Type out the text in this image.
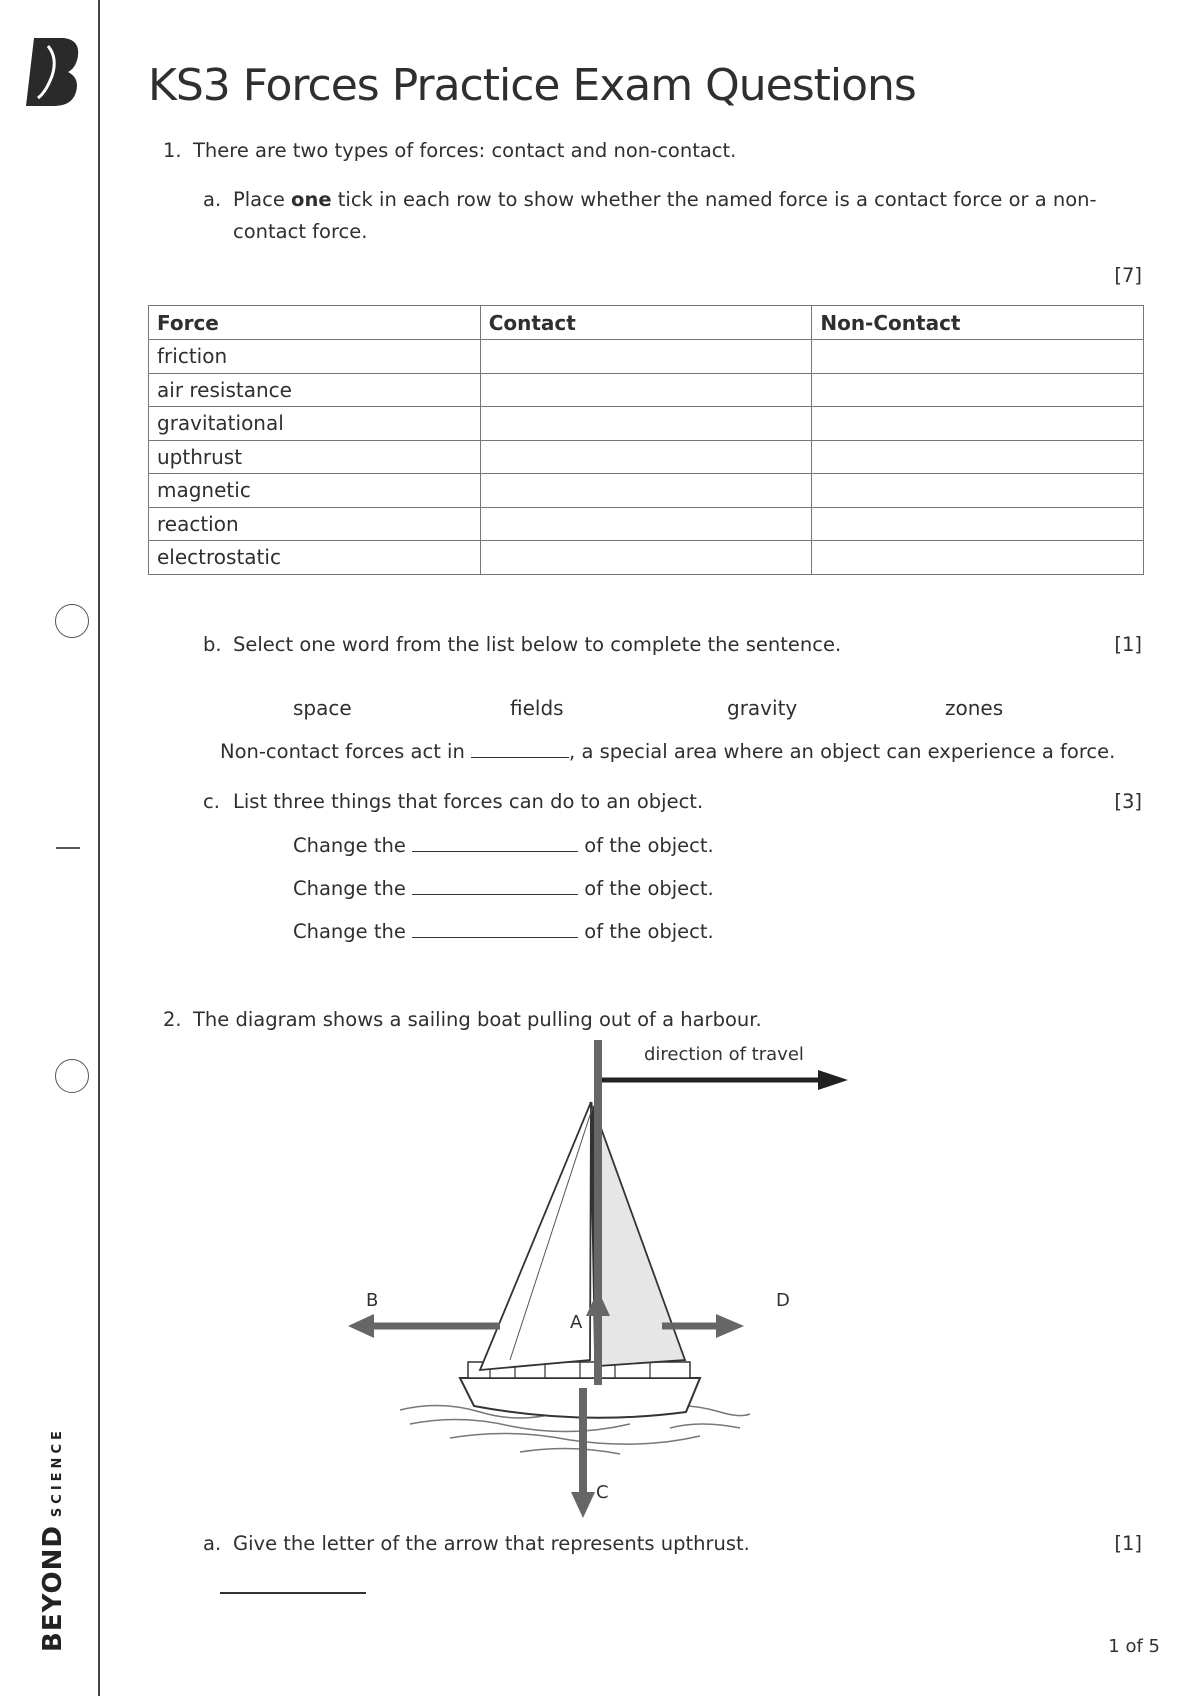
BEYONDSCIENCE
KS3 Forces Practice Exam Questions
1. There are two types of forces: contact and non-contact.
a. Place one tick in each row to show whether the named force is a contact force or a non-
contact force.
[7]
Force	Contact	Non-Contact
friction		
air resistance		
gravitational		
upthrust		
magnetic		
reaction		
electrostatic		
b. Select one word from the list below to complete the sentence.	[1]
space	fields	gravity	zones
Non-contact forces act in	, a special area where an object can experience a force.
c. List three things that forces can do to an object.	[3]
Change the	of the object.
Change the	of the object.
Change the	of the object.
2. The diagram shows a sailing boat pulling out of a harbour.
direction of travel
A
B
C
D
a. Give the letter of the arrow that represents upthrust.	[1]
1 of 5
